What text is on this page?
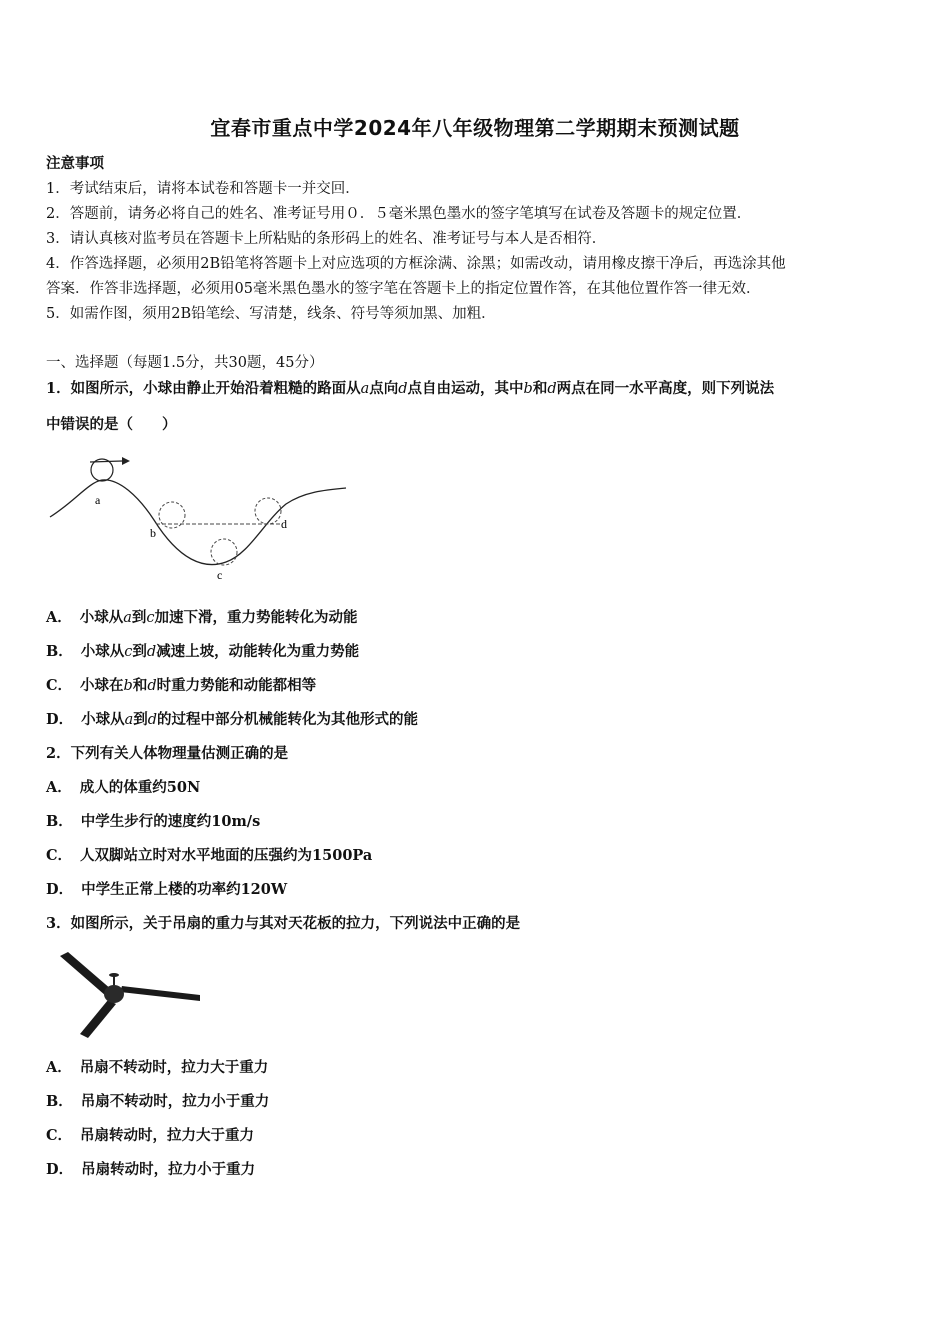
宜春市重点中学2024年八年级物理第二学期期末预测试题
注意事项
1．考试结束后，请将本试卷和答题卡一并交回．
2．答题前，请务必将自己的姓名、准考证号用０．５毫米黑色墨水的签字笔填写在试卷及答题卡的规定位置．
3．请认真核对监考员在答题卡上所粘贴的条形码上的姓名、准考证号与本人是否相符．
4．作答选择题，必须用2B铅笔将答题卡上对应选项的方框涂满、涂黑；如需改动，请用橡皮擦干净后，再选涂其他
答案．作答非选择题，必须用05毫米黑色墨水的签字笔在答题卡上的指定位置作答，在其他位置作答一律无效．
5．如需作图，须用2B铅笔绘、写清楚，线条、符号等须加黑、加粗．
一、选择题（每题1.5分，共30题，45分）
1．如图所示，小球由静止开始沿着粗糙的路面从a点向d点自由运动，其中b和d两点在同一水平高度，则下列说法
中错误的是（　　）
a
b
c
d
A． 小球从a到c加速下滑，重力势能转化为动能
B． 小球从c到d减速上坡，动能转化为重力势能
C． 小球在b和d时重力势能和动能都相等
D． 小球从a到d的过程中部分机械能转化为其他形式的能
2．下列有关人体物理量估测正确的是
A． 成人的体重约50N
B． 中学生步行的速度约10m/s
C． 人双脚站立时对水平地面的压强约为1500Pa
D． 中学生正常上楼的功率约120W
3．如图所示，关于吊扇的重力与其对天花板的拉力，下列说法中正确的是
A． 吊扇不转动时，拉力大于重力
B． 吊扇不转动时，拉力小于重力
C． 吊扇转动时，拉力大于重力
D． 吊扇转动时，拉力小于重力
